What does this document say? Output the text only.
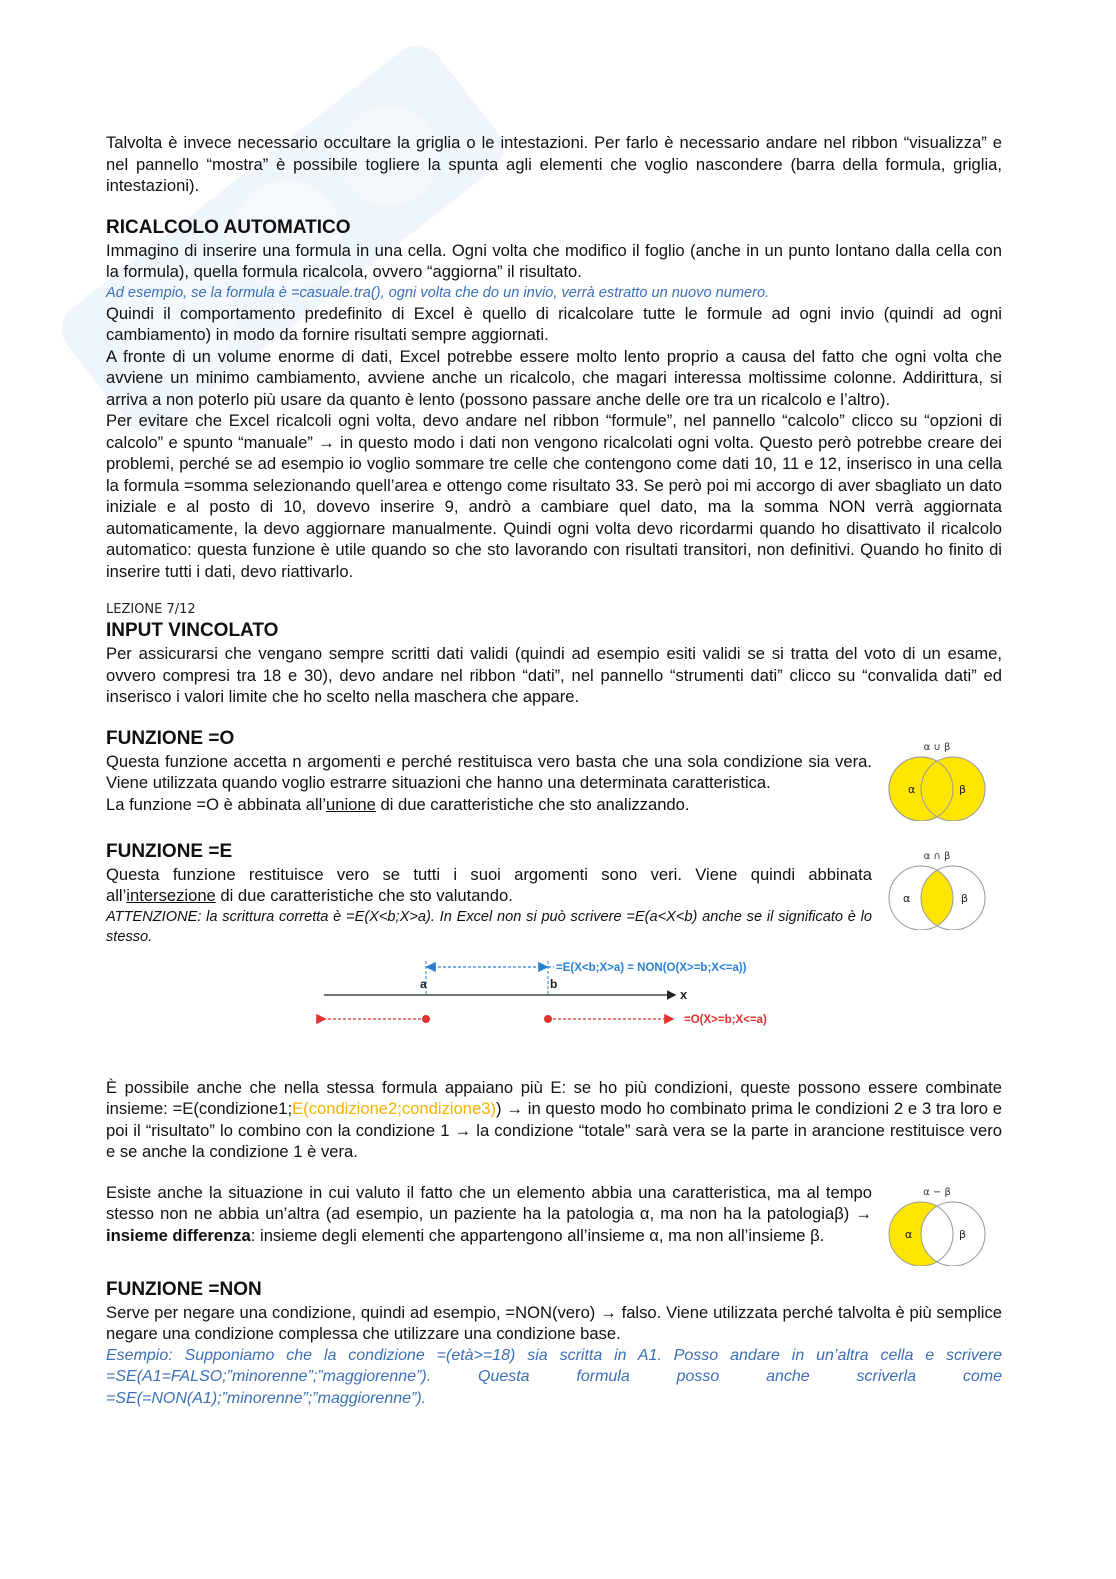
Talvolta è invece necessario occultare la griglia o le intestazioni. Per farlo è necessario andare nel ribbon “visualizza” e nel pannello “mostra” è possibile togliere la spunta agli elementi che voglio nascondere (barra della formula, griglia, intestazioni).

RICALCOLO AUTOMATICO

Immagino di inserire una formula in una cella. Ogni volta che modifico il foglio (anche in un punto lontano dalla cella con la formula), quella formula ricalcola, ovvero “aggiorna” il risultato.

Ad esempio, se la formula è =casuale.tra(), ogni volta che do un invio, verrà estratto un nuovo numero.

Quindi il comportamento predefinito di Excel è quello di ricalcolare tutte le formule ad ogni invio (quindi ad ogni cambiamento) in modo da fornire risultati sempre aggiornati.

A fronte di un volume enorme di dati, Excel potrebbe essere molto lento proprio a causa del fatto che ogni volta che avviene un minimo cambiamento, avviene anche un ricalcolo, che magari interessa moltissime colonne. Addirittura, si arriva a non poterlo più usare da quanto è lento (possono passare anche delle ore tra un ricalcolo e l’altro).

Per evitare che Excel ricalcoli ogni volta, devo andare nel ribbon “formule”, nel pannello “calcolo” clicco su “opzioni di calcolo” e spunto “manuale” → in questo modo i dati non vengono ricalcolati ogni volta. Questo però potrebbe creare dei problemi, perché se ad esempio io voglio sommare tre celle che contengono come dati 10, 11 e 12, inserisco in una cella la formula =somma selezionando quell’area e ottengo come risultato 33. Se però poi mi accorgo di aver sbagliato un dato iniziale e al posto di 10, dovevo inserire 9, andrò a cambiare quel dato, ma la somma NON verrà aggiornata automaticamente, la devo aggiornare manualmente. Quindi ogni volta devo ricordarmi quando ho disattivato il ricalcolo automatico: questa funzione è utile quando so che sto lavorando con risultati transitori, non definitivi. Quando ho finito di inserire tutti i dati, devo riattivarlo.

LEZIONE 7/12
INPUT VINCOLATO

Per assicurarsi che vengano sempre scritti dati validi (quindi ad esempio esiti validi se si tratta del voto di un esame, ovvero compresi tra 18 e 30), devo andare nel ribbon “dati”, nel pannello “strumenti dati” clicco su “convalida dati” ed inserisco i valori limite che ho scelto nella maschera che appare.

FUNZIONE =O

Questa funzione accetta n argomenti e perché restituisca vero basta che una sola condizione sia vera. Viene utilizzata quando voglio estrarre situazioni che hanno una determinata caratteristica.

La funzione =O è abbinata all’unione di due caratteristiche che sto analizzando.

α ∪ β
α	β
FUNZIONE =E

Questa funzione restituisce vero se tutti i suoi argomenti sono veri. Viene quindi abbinata all’intersezione di due caratteristiche che sto valutando.

ATTENZIONE: la scrittura corretta è =E(X<b;X>a). In Excel non si può scrivere =E(a<X<b) anche se il significato è lo stesso.

α ∩ β
α	β
=E(X<b;X>a) = NON(O(X>=b;X<=a))
a	b
x
=O(X>=b;X<=a)

È possibile anche che nella stessa formula appaiano più E: se ho più condizioni, queste possono essere combinate insieme: =E(condizione1;E(condizione2;condizione3)) → in questo modo ho combinato prima le condizioni 2 e 3 tra loro e poi il “risultato” lo combino con la condizione 1 → la condizione “totale” sarà vera se la parte in arancione restituisce vero e se anche la condizione 1 è vera.

Esiste anche la situazione in cui valuto il fatto che un elemento abbia una caratteristica, ma al tempo stesso non ne abbia un’altra (ad esempio, un paziente ha la patologia α, ma non ha la patologiaβ) → insieme differenza: insieme degli elementi che appartengono all’insieme α, ma non all’insieme β.

α − β
α	β
FUNZIONE =NON

Serve per negare una condizione, quindi ad esempio, =NON(vero) → falso. Viene utilizzata perché talvolta è più semplice negare una condizione complessa che utilizzare una condizione base.

Esempio: Supponiamo che la condizione =(età>=18) sia scritta in A1. Posso andare in un’altra cella e scrivere =SE(A1=FALSO;”minorenne”;”maggiorenne”). Questa formula posso anche scriverla come =SE(=NON(A1);”minorenne”;”maggiorenne”).
